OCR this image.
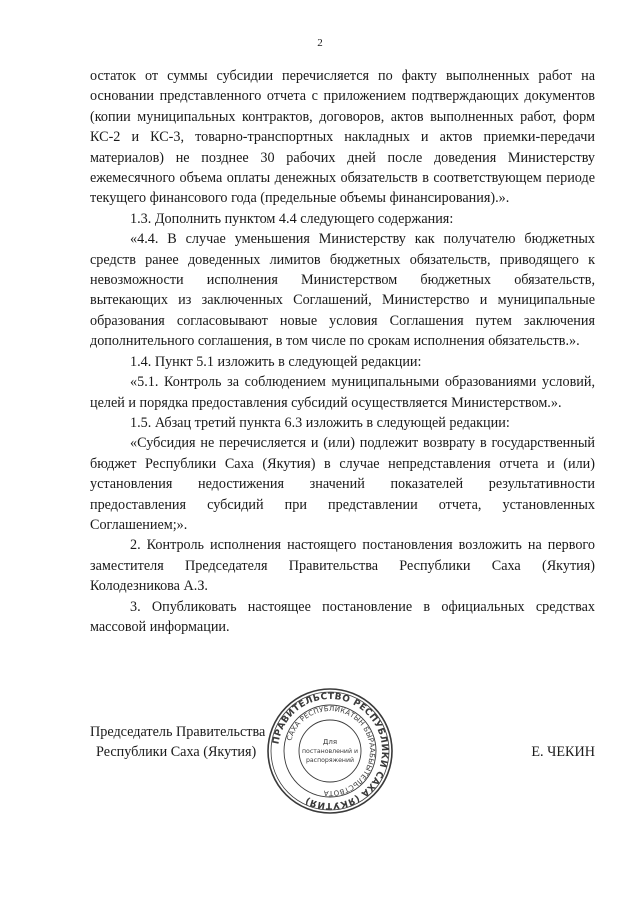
2

остаток от суммы субсидии перечисляется по факту выполненных работ на основании представленного отчета с приложением подтверждающих документов (копии муниципальных контрактов, договоров, актов выполненных работ, форм КС-2 и КС-3, товарно-транспортных накладных и актов приемки-передачи материалов) не позднее 30 рабочих дней после доведения Министерству ежемесячного объема оплаты денежных обязательств в соответствующем периоде текущего финансового года (предельные объемы финансирования).».

1.3. Дополнить пунктом 4.4 следующего содержания:

«4.4. В случае уменьшения Министерству как получателю бюджетных средств ранее доведенных лимитов бюджетных обязательств, приводящего к невозможности исполнения Министерством бюджетных обязательств, вытекающих из заключенных Соглашений, Министерство и муниципальные образования согласовывают новые условия Соглашения путем заключения дополнительного соглашения, в том числе по срокам исполнения обязательств.».

1.4. Пункт 5.1 изложить в следующей редакции:

«5.1. Контроль за соблюдением муниципальными образованиями условий, целей и порядка предоставления субсидий осуществляется Министерством.».

1.5. Абзац третий пункта 6.3 изложить в следующей редакции:

«Субсидия не перечисляется и (или) подлежит возврату в государственный бюджет Республики Саха (Якутия) в случае непредставления отчета и (или) установления недостижения значений показателей результативности предоставления субсидий при представлении отчета, установленных Соглашением;».

2. Контроль исполнения настоящего постановления возложить на первого заместителя Председателя Правительства Республики Саха (Якутия) Колодезникова А.З.

3. Опубликовать настоящее постановление в официальных средствах массовой информации.

Председатель Правительства
Республики Саха (Якутия)	Е. ЧЕКИН
ПРАВИТЕЛЬСТВО РЕСПУБЛИКИ САХА (ЯКУТИЯ)
САХА РЕСПУБЛИКАТЫН БЫРААБЫЫТЕЛЬСТВОТА
Для
постановлений и
распоряжений
